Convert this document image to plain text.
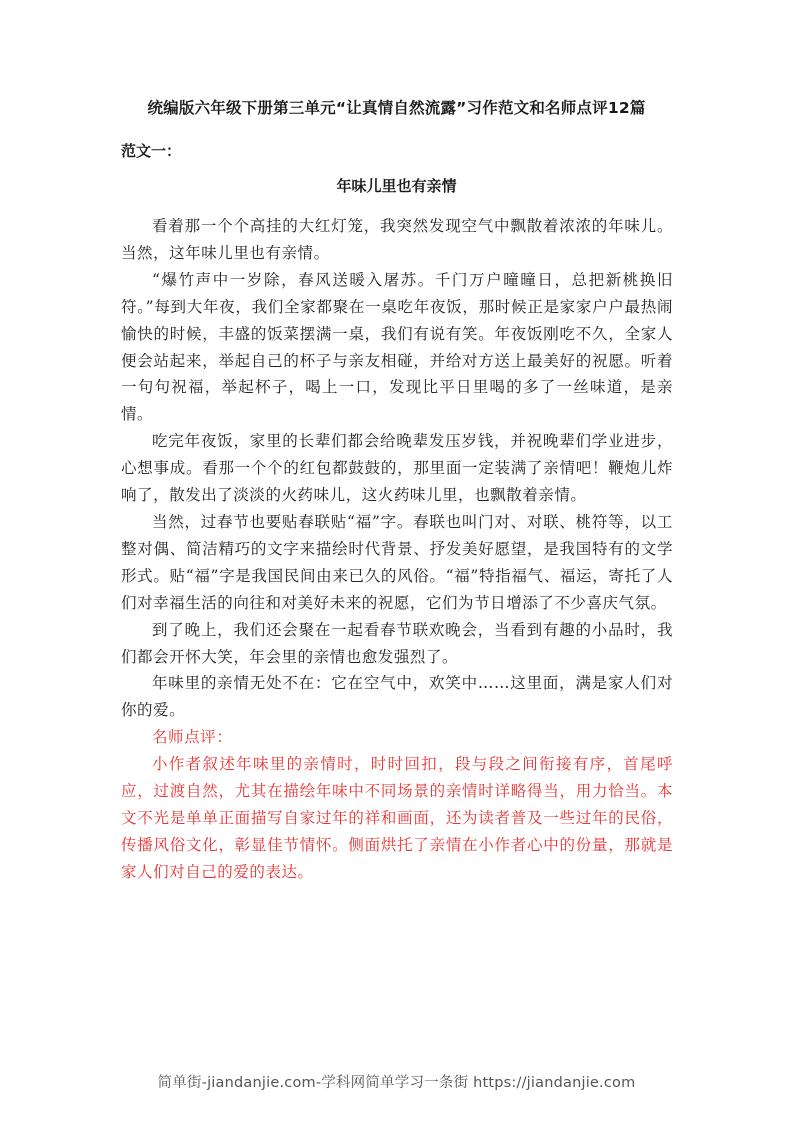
统编版六年级下册第三单元“让真情自然流露”习作范文和名师点评12篇
范文一：
年味儿里也有亲情

看着那一个个高挂的大红灯笼，我突然发现空气中飘散着浓浓的年味儿。当然，这年味儿里也有亲情。

“爆竹声中一岁除，春风送暖入屠苏。千门万户曈曈日，总把新桃换旧符。”每到大年夜，我们全家都聚在一桌吃年夜饭，那时候正是家家户户最热闹愉快的时候，丰盛的饭菜摆满一桌，我们有说有笑。年夜饭刚吃不久，全家人便会站起来，举起自己的杯子与亲友相碰，并给对方送上最美好的祝愿。听着一句句祝福，举起杯子，喝上一口，发现比平日里喝的多了一丝味道，是亲情。

吃完年夜饭，家里的长辈们都会给晚辈发压岁钱，并祝晚辈们学业进步，心想事成。看那一个个的红包都鼓鼓的，那里面一定装满了亲情吧！鞭炮儿炸响了，散发出了淡淡的火药味儿，这火药味儿里，也飘散着亲情。

当然，过春节也要贴春联贴“福”字。春联也叫门对、对联、桃符等，以工整对偶、简洁精巧的文字来描绘时代背景、抒发美好愿望，是我国特有的文学形式。贴“福”字是我国民间由来已久的风俗。“福”特指福气、福运，寄托了人们对幸福生活的向往和对美好未来的祝愿，它们为节日增添了不少喜庆气氛。

到了晚上，我们还会聚在一起看春节联欢晚会，当看到有趣的小品时，我们都会开怀大笑，年会里的亲情也愈发强烈了。

年味里的亲情无处不在：它在空气中，欢笑中……这里面，满是家人们对你的爱。

名师点评：

小作者叙述年味里的亲情时，时时回扣，段与段之间衔接有序，首尾呼应，过渡自然，尤其在描绘年味中不同场景的亲情时详略得当，用力恰当。本文不光是单单正面描写自家过年的祥和画面，还为读者普及一些过年的民俗，传播风俗文化，彰显佳节情怀。侧面烘托了亲情在小作者心中的份量，那就是家人们对自己的爱的表达。

简单街-jiandanjie.com-学科网简单学习一条街 https://jiandanjie.com
